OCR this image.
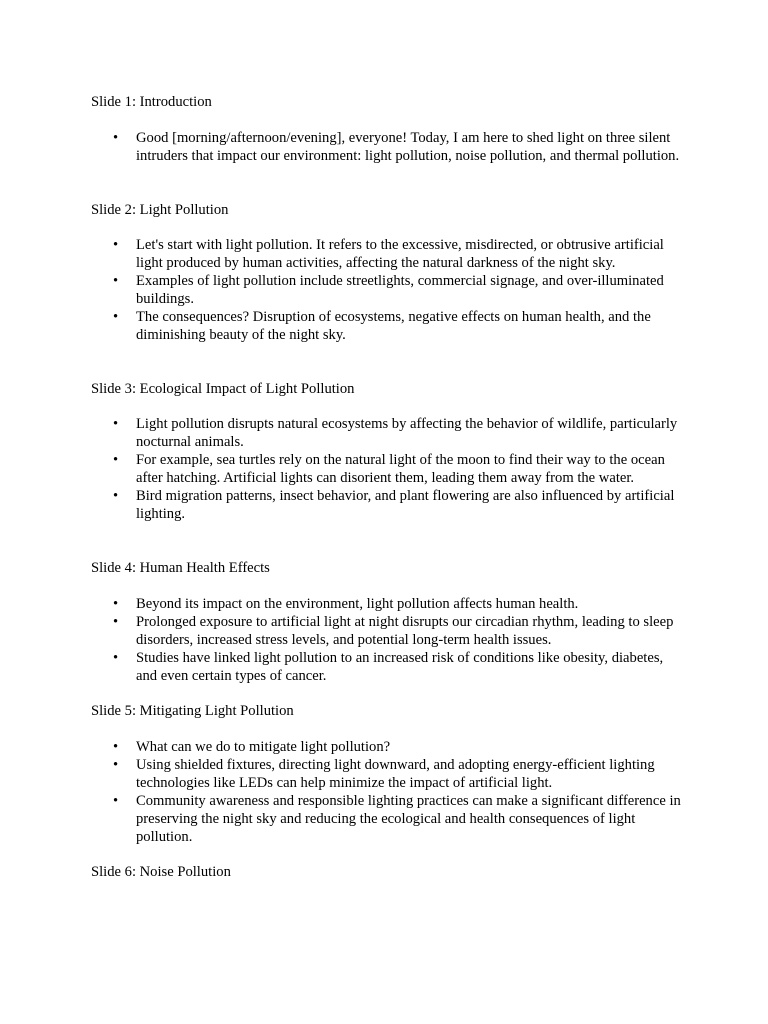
Slide 1: Introduction

• Good [morning/afternoon/evening], everyone! Today, I am here to shed light on three silent intruders that impact our environment: light pollution, noise pollution, and thermal pollution.

Slide 2: Light Pollution

• Let's start with light pollution. It refers to the excessive, misdirected, or obtrusive artificial light produced by human activities, affecting the natural darkness of the night sky.
• Examples of light pollution include streetlights, commercial signage, and over-illuminated buildings.
• The consequences? Disruption of ecosystems, negative effects on human health, and the diminishing beauty of the night sky.

Slide 3: Ecological Impact of Light Pollution

• Light pollution disrupts natural ecosystems by affecting the behavior of wildlife, particularly nocturnal animals.
• For example, sea turtles rely on the natural light of the moon to find their way to the ocean after hatching. Artificial lights can disorient them, leading them away from the water.
• Bird migration patterns, insect behavior, and plant flowering are also influenced by artificial lighting.

Slide 4: Human Health Effects

• Beyond its impact on the environment, light pollution affects human health.
• Prolonged exposure to artificial light at night disrupts our circadian rhythm, leading to sleep disorders, increased stress levels, and potential long-term health issues.
• Studies have linked light pollution to an increased risk of conditions like obesity, diabetes, and even certain types of cancer.

Slide 5: Mitigating Light Pollution

• What can we do to mitigate light pollution?
• Using shielded fixtures, directing light downward, and adopting energy-efficient lighting technologies like LEDs can help minimize the impact of artificial light.
• Community awareness and responsible lighting practices can make a significant difference in preserving the night sky and reducing the ecological and health consequences of light pollution.

Slide 6: Noise Pollution
